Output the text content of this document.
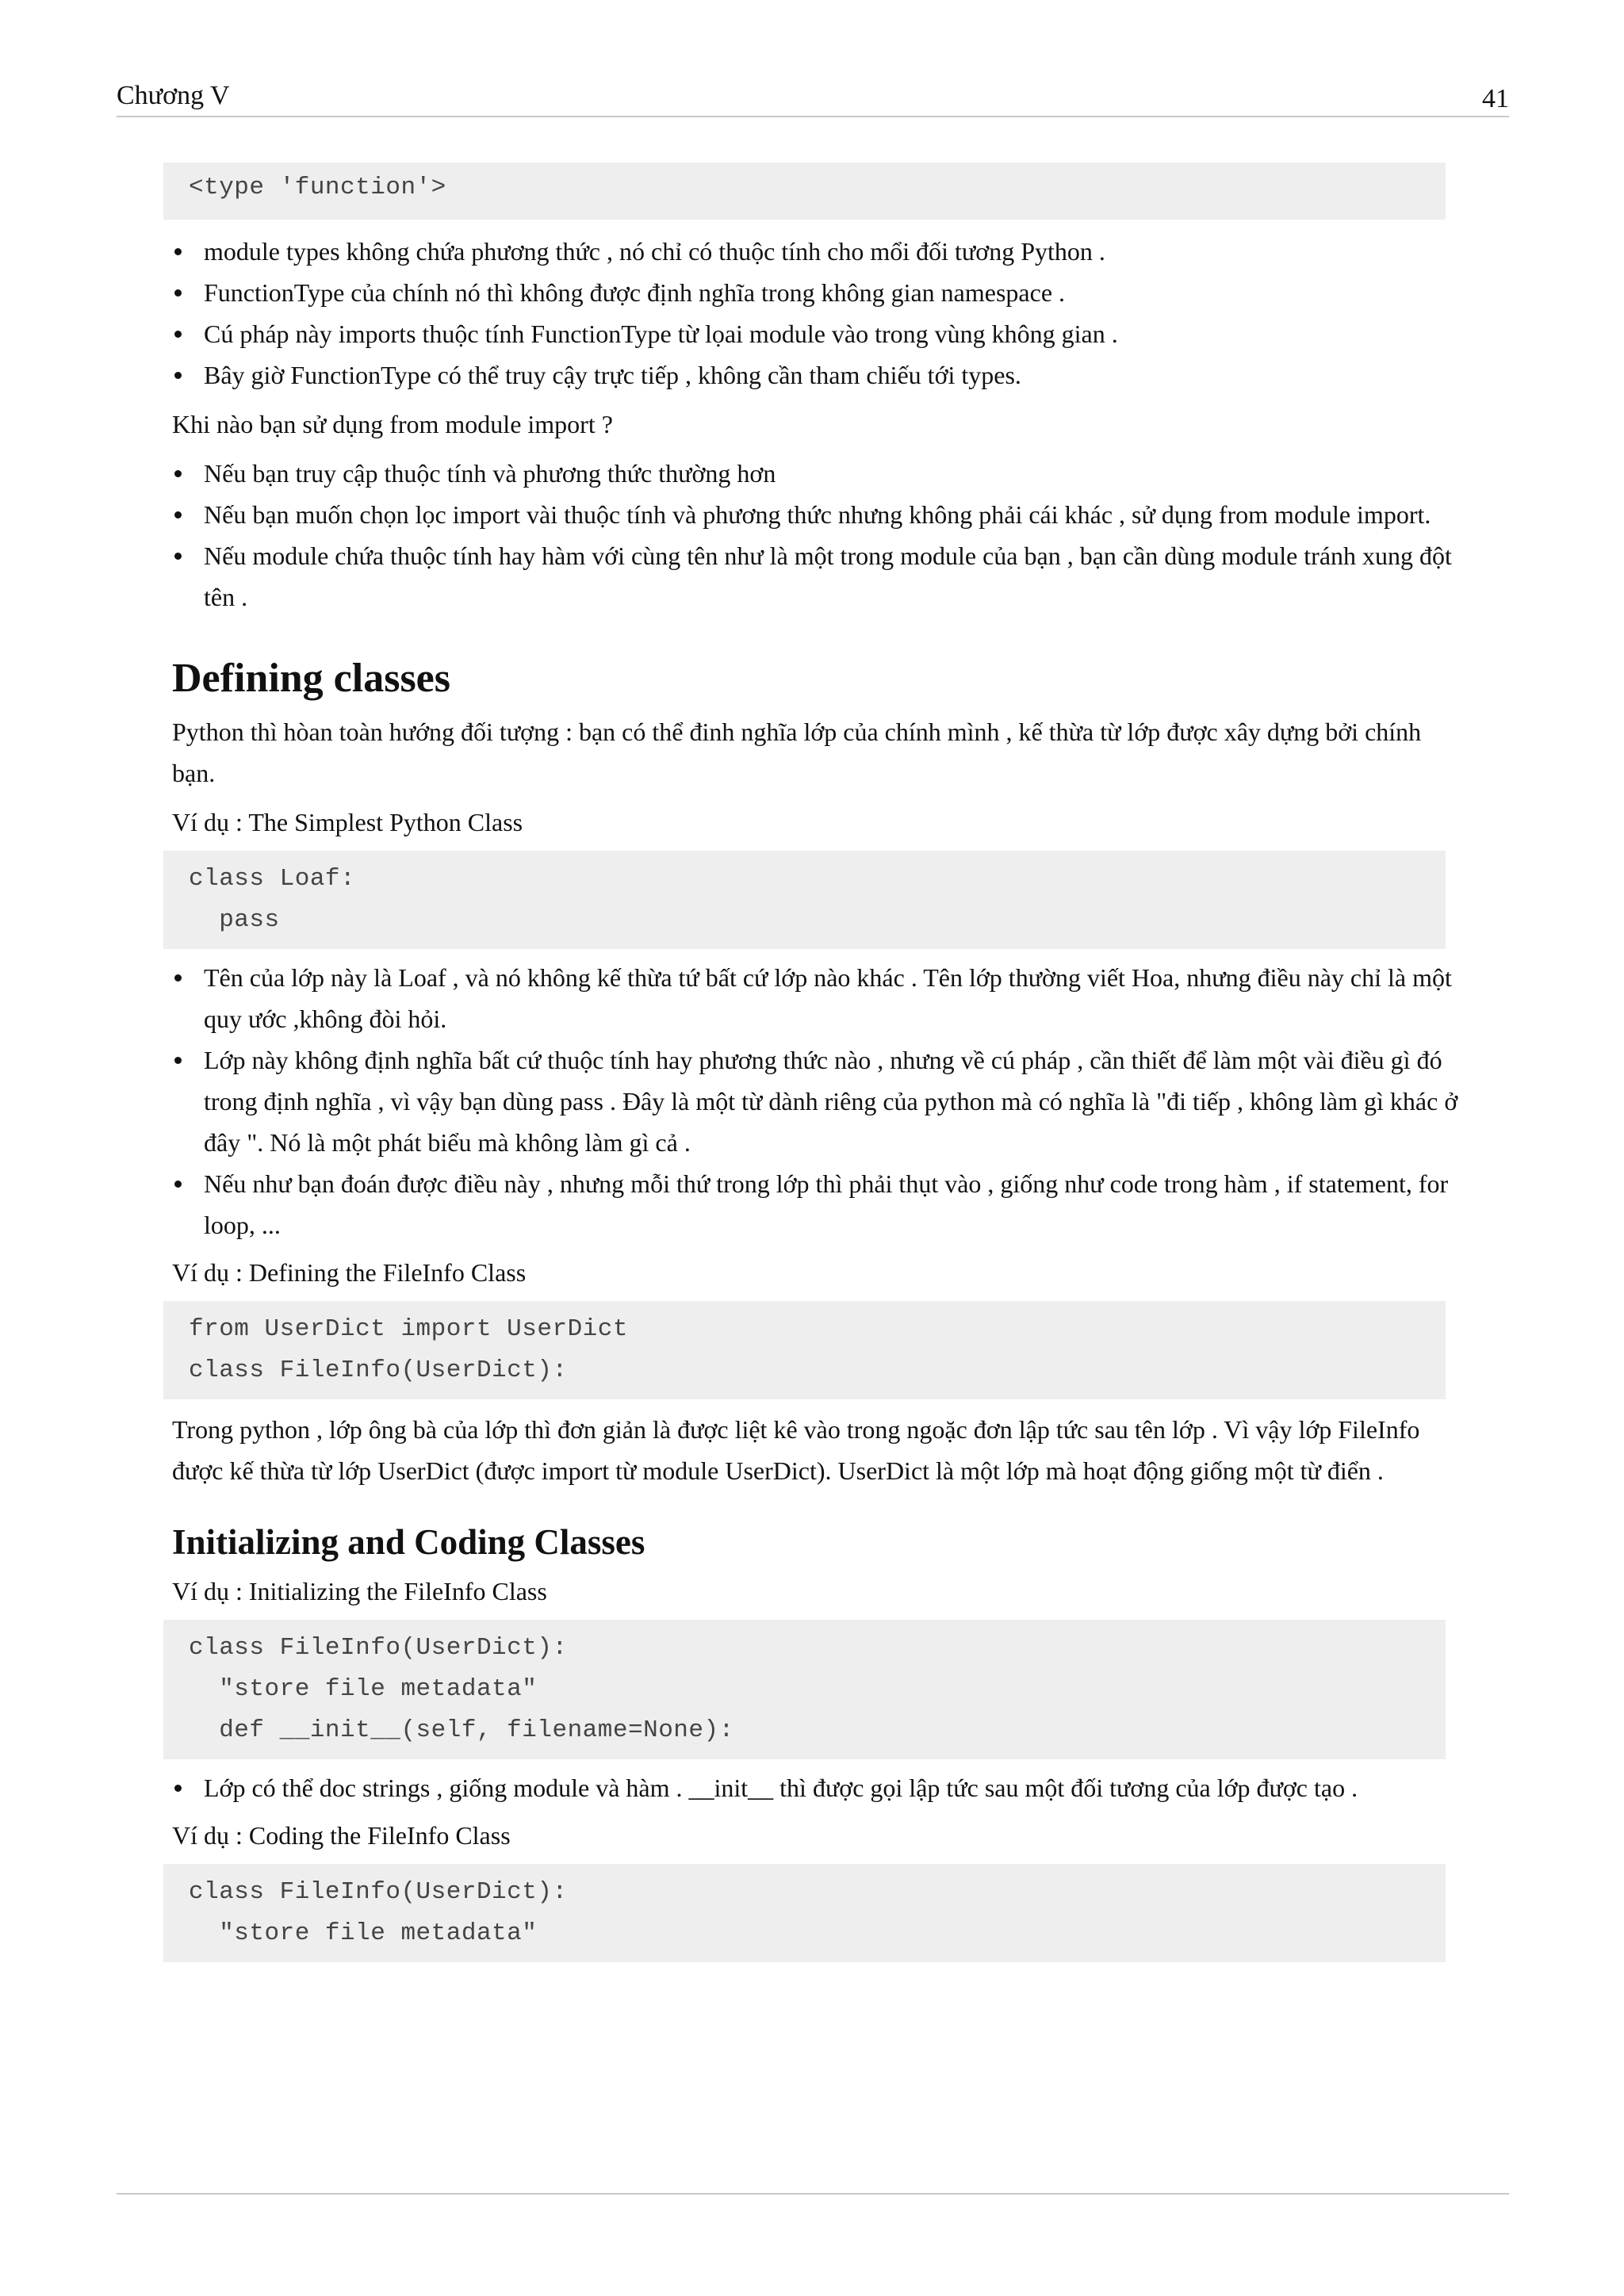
Chương V	41
<type 'function'>
module types không chứa phương thức , nó chỉ có thuộc tính cho mổi đối tương Python .
FunctionType của chính nó thì không được định nghĩa trong không gian namespace .
Cú pháp này imports thuộc tính FunctionType từ lọai module vào trong vùng không gian .
Bây giờ FunctionType có thể truy cậy trực tiếp , không cần tham chiếu tới types.

Khi nào bạn sử dụng from module import ?

Nếu bạn truy cập thuộc tính và phương thức thường hơn
Nếu bạn muốn chọn lọc import vài thuộc tính và phương thức nhưng không phải cái khác , sử dụng from module import.
Nếu module chứa thuộc tính hay hàm với cùng tên như là một trong module của bạn , bạn cần dùng module tránh xung đột tên .
Defining classes

Python thì hòan toàn hướng đối tượng : bạn có thể đinh nghĩa lớp của chính mình , kế thừa từ lớp được xây dựng bởi chính bạn.

Ví dụ : The Simplest Python Class

class Loaf:
pass
Tên của lớp này là Loaf , và nó không kế thừa tứ bất cứ lớp nào khác . Tên lớp thường viết Hoa, nhưng điều này chỉ là một quy ước ,không đòi hỏi.
Lớp này không định nghĩa bất cứ thuộc tính hay phương thức nào , nhưng về cú pháp , cần thiết để làm một vài điều gì đó trong định nghĩa , vì vậy bạn dùng pass . Đây là một từ dành riêng của python mà có nghĩa là "đi tiếp , không làm gì khác ở đây ". Nó là một phát biểu mà không làm gì cả .
Nếu như bạn đoán được điều này , nhưng mỗi thứ trong lớp thì phải thụt vào , giống như code trong hàm , if statement, for loop, ...

Ví dụ : Defining the FileInfo Class

from UserDict import UserDict
class FileInfo(UserDict):

Trong python , lớp ông bà của lớp thì đơn giản là được liệt kê vào trong ngoặc đơn lập tức sau tên lớp . Vì vậy lớp FileInfo được kế thừa từ lớp UserDict (được import từ module UserDict). UserDict là một lớp mà hoạt động giống một từ điển .

Initializing and Coding Classes

Ví dụ : Initializing the FileInfo Class

class FileInfo(UserDict):
"store file metadata"
def __init__(self, filename=None):
Lớp có thể doc strings , giống module và hàm . __init__ thì được gọi lập tức sau một đối tương của lớp được tạo .

Ví dụ : Coding the FileInfo Class

class FileInfo(UserDict):
"store file metadata"
